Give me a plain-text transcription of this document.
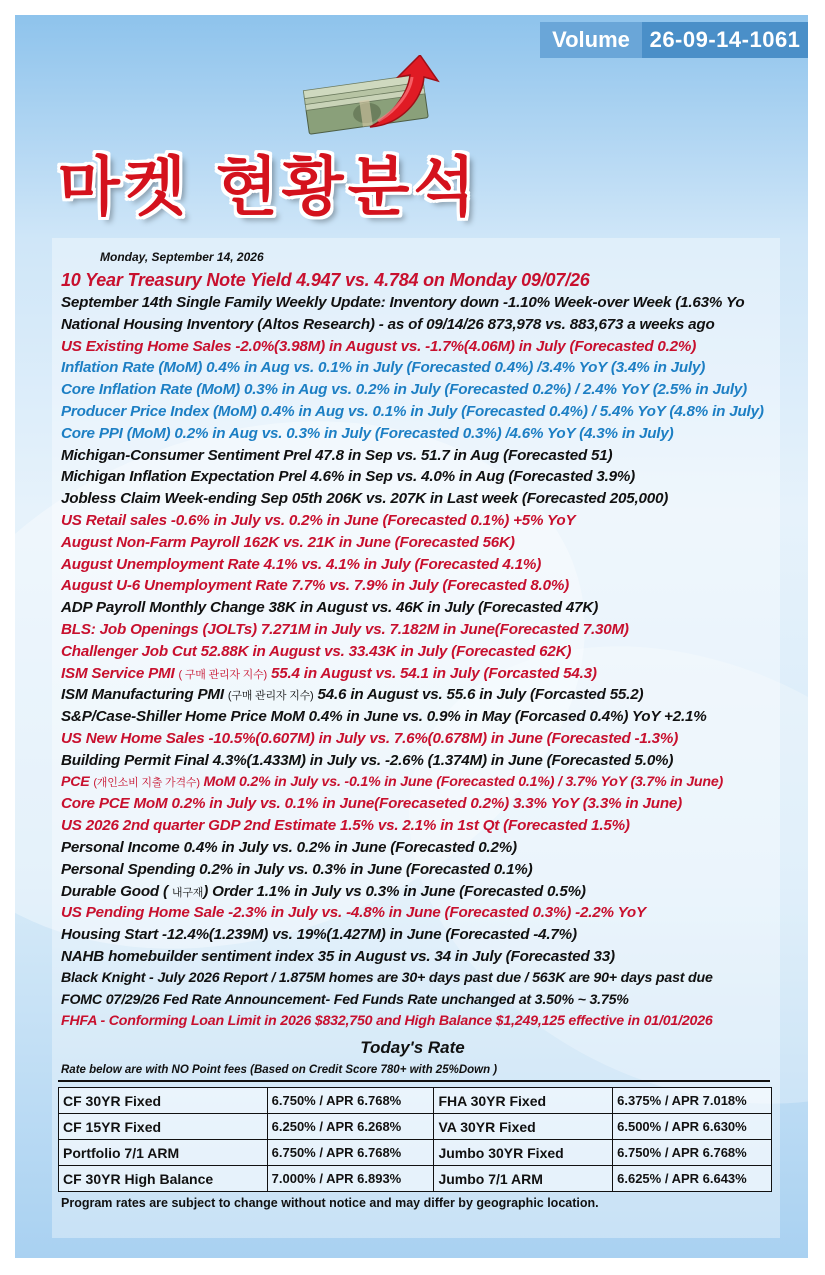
Volume 26-09-14-1061
마켓 현황분석
Monday, September 14, 2026
10 Year Treasury Note Yield 4.947 vs. 4.784 on Monday 09/07/26
September 14th Single Family Weekly Update: Inventory down -1.10% Week-over Week (1.63% Yo
National Housing Inventory (Altos Research) - as of 09/14/26 873,978 vs. 883,673 a weeks ago
US Existing Home Sales -2.0%(3.98M) in August vs. -1.7%(4.06M) in July (Forecasted 0.2%)
Inflation Rate (MoM) 0.4% in Aug vs. 0.1% in July (Forecasted 0.4%) /3.4% YoY (3.4% in July)
Core Inflation Rate (MoM) 0.3% in Aug vs. 0.2% in July (Forecasted 0.2%) / 2.4% YoY (2.5% in July)
Producer Price Index (MoM) 0.4% in Aug vs. 0.1% in July (Forecasted 0.4%) / 5.4% YoY (4.8% in July)
Core PPI (MoM) 0.2% in Aug vs. 0.3% in July (Forecasted 0.3%) /4.6% YoY (4.3% in July)
Michigan-Consumer Sentiment Prel 47.8 in Sep vs. 51.7 in Aug (Forecasted 51)
Michigan Inflation Expectation Prel 4.6% in Sep vs. 4.0% in Aug (Forecasted 3.9%)
Jobless Claim Week-ending Sep 05th 206K vs. 207K in Last week (Forecasted 205,000)
US Retail sales -0.6% in July vs. 0.2% in June (Forecasted 0.1%) +5% YoY
August Non-Farm Payroll 162K vs. 21K in June (Forecasted 56K)
August Unemployment Rate 4.1% vs. 4.1% in July (Forecasted 4.1%)
August U-6 Unemployment Rate 7.7% vs. 7.9% in July (Forecasted 8.0%)
ADP Payroll Monthly Change 38K in August vs. 46K in July (Forecasted 47K)
BLS: Job Openings (JOLTs) 7.271M in July vs. 7.182M in June(Forecasted 7.30M)
Challenger Job Cut 52.88K in August vs. 33.43K in July (Forecasted 62K)
ISM Service PMI ( 구매 관리자 지수) 55.4 in August vs. 54.1 in July (Forcasted 54.3)
ISM Manufacturing PMI (구매 관리자 지수) 54.6 in August vs. 55.6 in July (Forcasted 55.2)
S&P/Case-Shiller Home Price MoM 0.4% in June vs. 0.9% in May (Forcased 0.4%) YoY +2.1%
US New Home Sales -10.5%(0.607M) in July vs. 7.6%(0.678M) in June (Forecasted -1.3%)
Building Permit Final 4.3%(1.433M) in July vs. -2.6% (1.374M) in June (Forecasted 5.0%)
PCE (개인소비 지출 가격수) MoM 0.2% in July vs. -0.1% in June (Forecasted 0.1%) / 3.7% YoY (3.7% in June)
Core PCE MoM 0.2% in July vs. 0.1% in June(Forecaseted 0.2%) 3.3% YoY (3.3% in June)
US 2026 2nd quarter GDP 2nd Estimate 1.5% vs. 2.1% in 1st Qt (Forecasted 1.5%)
Personal Income 0.4% in July vs. 0.2% in June (Forecasted 0.2%)
Personal Spending 0.2% in July vs. 0.3% in June (Forecasted 0.1%)
Durable Good ( 내구재) Order 1.1% in July vs 0.3% in June (Forecasted 0.5%)
US Pending Home Sale -2.3% in July vs. -4.8% in June (Forecasted 0.3%) -2.2% YoY
Housing Start -12.4%(1.239M) vs. 19%(1.427M) in June (Forecasted -4.7%)
NAHB homebuilder sentiment index 35 in August vs. 34 in July (Forecasted 33)
Black Knight - July 2026 Report / 1.875M homes are 30+ days past due / 563K are 90+ days past due
FOMC 07/29/26 Fed Rate Announcement- Fed Funds Rate unchanged at 3.50% ~ 3.75%
FHFA - Conforming Loan Limit in 2026 $832,750 and High Balance $1,249,125 effective in 01/01/2026
Today's Rate
Rate below are with NO Point fees (Based on Credit Score 780+ with 25%Down )
CF 30YR Fixed	6.750% / APR 6.768%	FHA 30YR Fixed	6.375% / APR 7.018%
CF 15YR Fixed	6.250% / APR 6.268%	VA 30YR Fixed	6.500% / APR 6.630%
Portfolio 7/1 ARM	6.750% / APR 6.768%	Jumbo 30YR Fixed	6.750% / APR 6.768%
CF 30YR High Balance	7.000% / APR 6.893%	Jumbo 7/1 ARM	6.625% / APR 6.643%
Program rates are subject to change without notice and may differ by geographic location.
